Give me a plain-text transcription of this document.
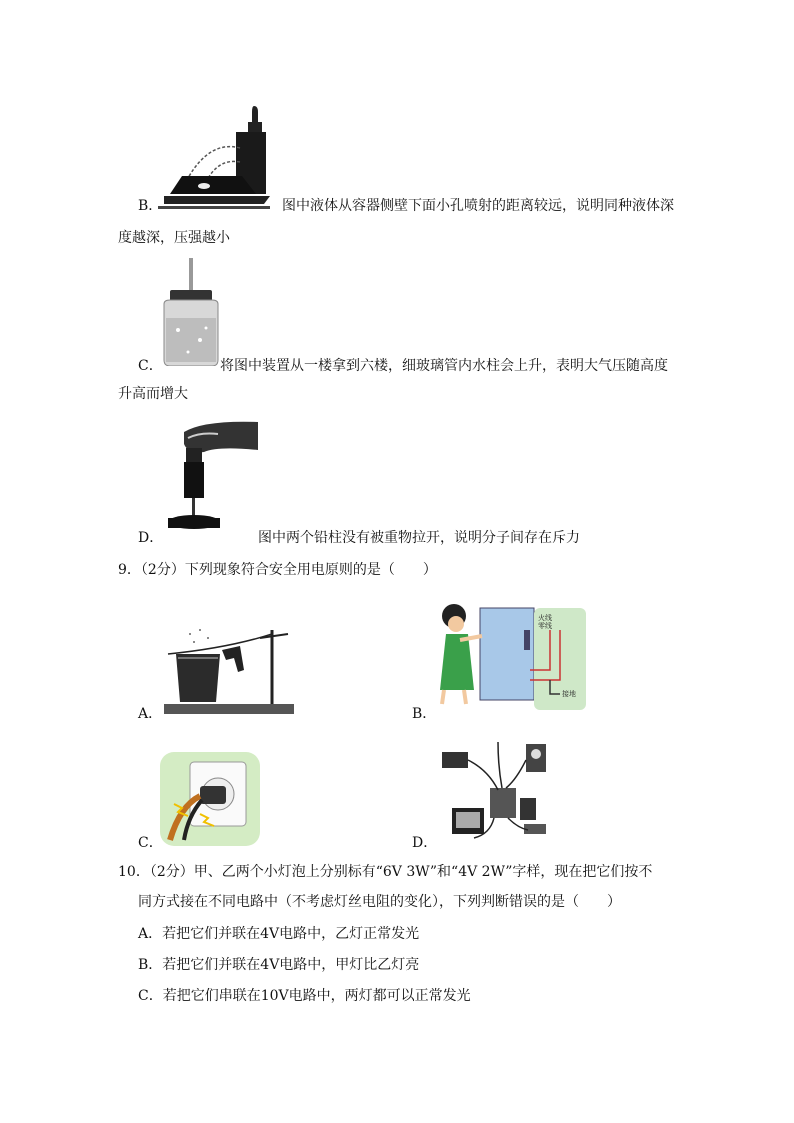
B．	图中液体从容器侧壁下面小孔喷射的距离较远，说明同种液体深
度越深，压强越小
C．	将图中装置从一楼拿到六楼，细玻璃管内水柱会上升，表明大气压随高度
升高而增大
D．	图中两个铅柱没有被重物拉开，说明分子间存在斥力
9．（2分）下列现象符合安全用电原则的是（　　）
A．
火线
零线
接地
B．
C．	D．
10．（2分）甲、乙两个小灯泡上分别标有“6V 3W”和“4V 2W”字样，现在把它们按不
同方式接在不同电路中（不考虑灯丝电阻的变化），下列判断错误的是（　　）
A．若把它们并联在4V电路中，乙灯正常发光
B．若把它们并联在4V电路中，甲灯比乙灯亮
C．若把它们串联在10V电路中，两灯都可以正常发光
